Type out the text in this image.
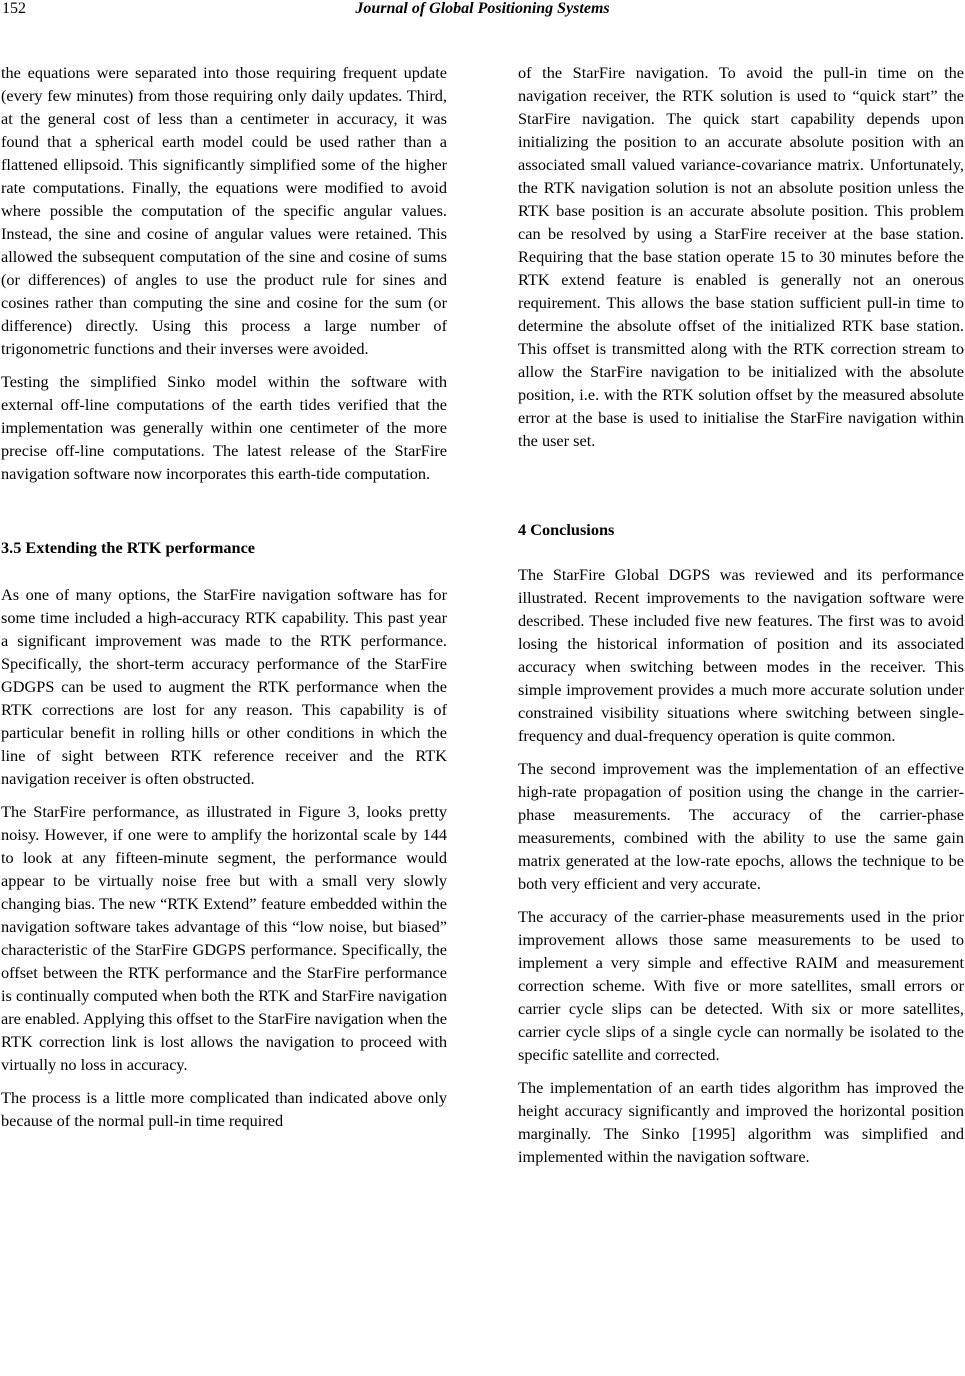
152	Journal of Global Positioning Systems

the equations were separated into those requiring frequent update (every few minutes) from those requiring only daily updates. Third, at the general cost of less than a centimeter in accuracy, it was found that a spherical earth model could be used rather than a flattened ellipsoid. This significantly simplified some of the higher rate computations. Finally, the equations were modified to avoid where possible the computation of the specific angular values. Instead, the sine and cosine of angular values were retained. This allowed the subsequent computation of the sine and cosine of sums (or differences) of angles to use the product rule for sines and cosines rather than computing the sine and cosine for the sum (or difference) directly. Using this process a large number of trigonometric functions and their inverses were avoided.

Testing the simplified Sinko model within the software with external off-line computations of the earth tides verified that the implementation was generally within one centimeter of the more precise off-line computations. The latest release of the StarFire navigation software now incorporates this earth-tide computation.

3.5 Extending the RTK performance

As one of many options, the StarFire navigation software has for some time included a high-accuracy RTK capability. This past year a significant improvement was made to the RTK performance. Specifically, the short-term accuracy performance of the StarFire GDGPS can be used to augment the RTK performance when the RTK corrections are lost for any reason. This capability is of particular benefit in rolling hills or other conditions in which the line of sight between RTK reference receiver and the RTK navigation receiver is often obstructed.

The StarFire performance, as illustrated in Figure 3, looks pretty noisy. However, if one were to amplify the horizontal scale by 144 to look at any fifteen-minute segment, the performance would appear to be virtually noise free but with a small very slowly changing bias. The new “RTK Extend” feature embedded within the navigation software takes advantage of this “low noise, but biased” characteristic of the StarFire GDGPS performance. Specifically, the offset between the RTK performance and the StarFire performance is continually computed when both the RTK and StarFire navigation are enabled. Applying this offset to the StarFire navigation when the RTK correction link is lost allows the navigation to proceed with virtually no loss in accuracy.

The process is a little more complicated than indicated above only because of the normal pull-in time required

of the StarFire navigation. To avoid the pull-in time on the navigation receiver, the RTK solution is used to “quick start” the StarFire navigation. The quick start capability depends upon initializing the position to an accurate absolute position with an associated small valued variance-covariance matrix. Unfortunately, the RTK navigation solution is not an absolute position unless the RTK base position is an accurate absolute position. This problem can be resolved by using a StarFire receiver at the base station. Requiring that the base station operate 15 to 30 minutes before the RTK extend feature is enabled is generally not an onerous requirement. This allows the base station sufficient pull-in time to determine the absolute offset of the initialized RTK base station. This offset is transmitted along with the RTK correction stream to allow the StarFire navigation to be initialized with the absolute position, i.e. with the RTK solution offset by the measured absolute error at the base is used to initialise the StarFire navigation within the user set.

4 Conclusions

The StarFire Global DGPS was reviewed and its performance illustrated. Recent improvements to the navigation software were described. These included five new features. The first was to avoid losing the historical information of position and its associated accuracy when switching between modes in the receiver. This simple improvement provides a much more accurate solution under constrained visibility situations where switching between single-frequency and dual-frequency operation is quite common.

The second improvement was the implementation of an effective high-rate propagation of position using the change in the carrier-phase measurements. The accuracy of the carrier-phase measurements, combined with the ability to use the same gain matrix generated at the low-rate epochs, allows the technique to be both very efficient and very accurate.

The accuracy of the carrier-phase measurements used in the prior improvement allows those same measurements to be used to implement a very simple and effective RAIM and measurement correction scheme. With five or more satellites, small errors or carrier cycle slips can be detected. With six or more satellites, carrier cycle slips of a single cycle can normally be isolated to the specific satellite and corrected.

The implementation of an earth tides algorithm has improved the height accuracy significantly and improved the horizontal position marginally. The Sinko [1995] algorithm was simplified and implemented within the navigation software.
